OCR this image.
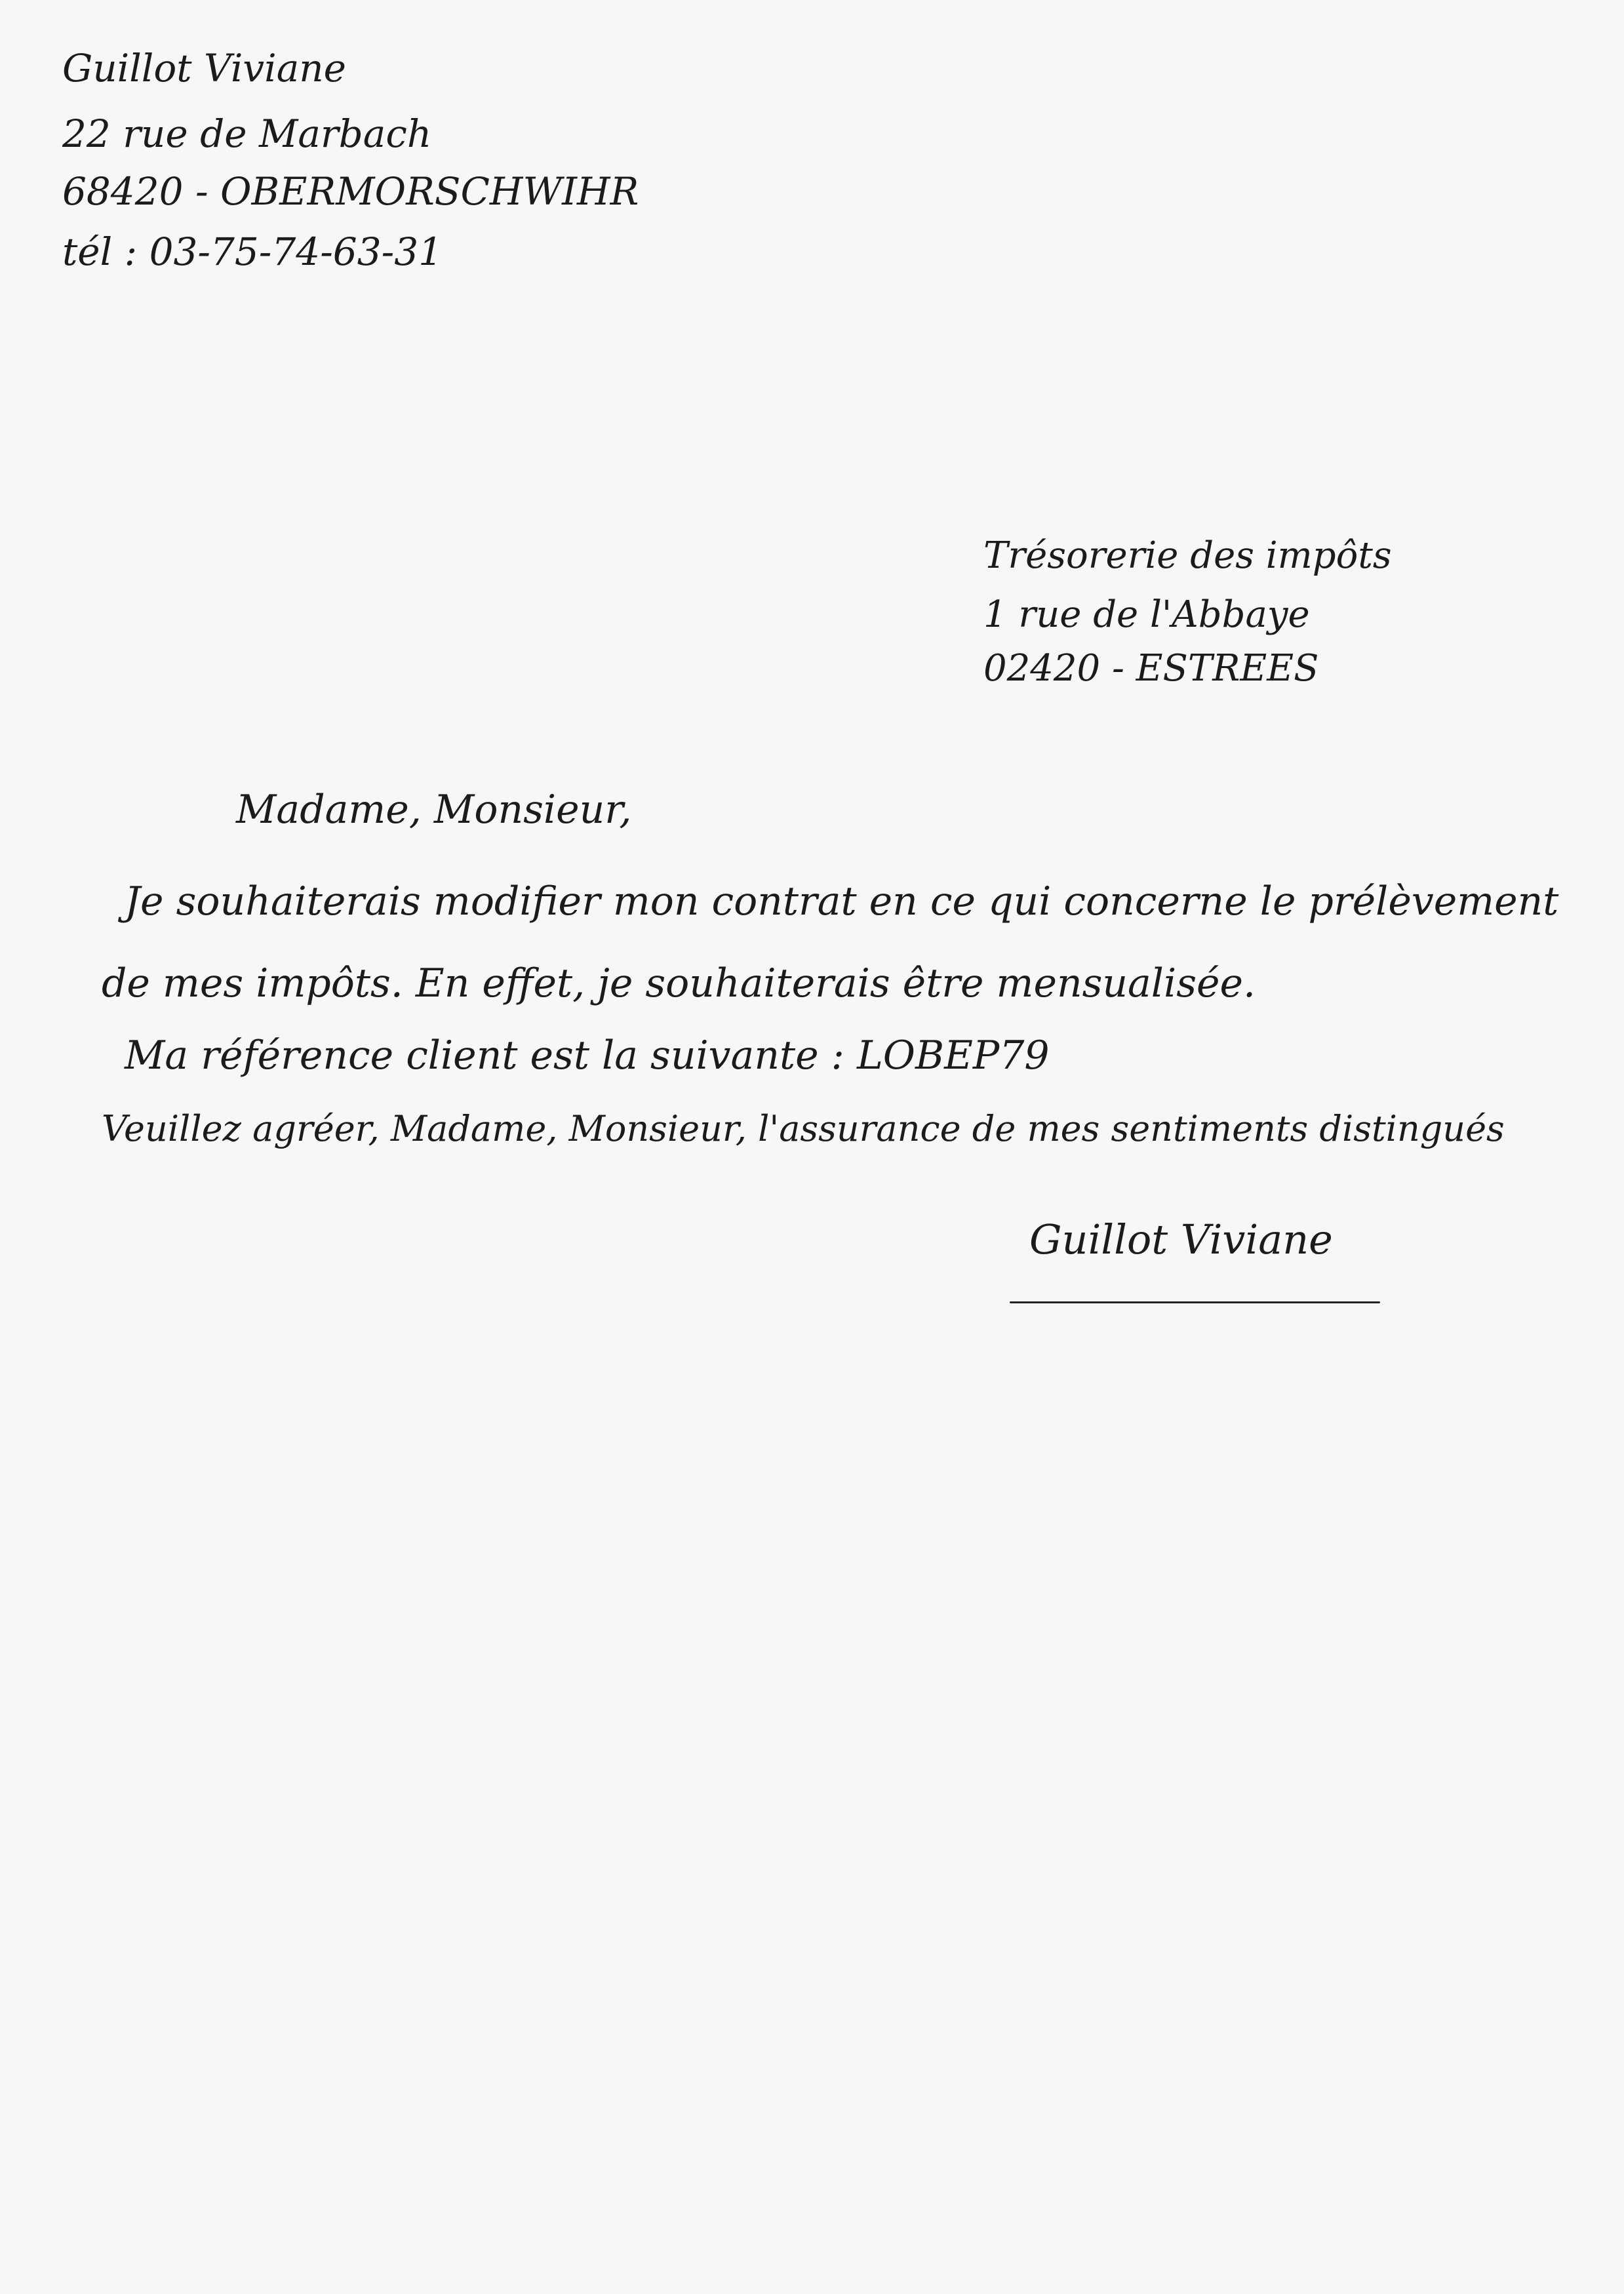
Guillot Viviane
22 rue de Marbach
68420 - OBERMORSCHWIHR
tél : 03-75-74-63-31
Trésorerie des impôts
1 rue de l'Abbaye
02420 - ESTREES
Madame, Monsieur,
Je souhaiterais modifier mon contrat en ce qui concerne le prélèvement
de mes impôts. En effet, je souhaiterais être mensualisée.
Ma référence client est la suivante : LOBEP79
Veuillez agréer, Madame, Monsieur, l'assurance de mes sentiments distingués
Guillot Viviane
